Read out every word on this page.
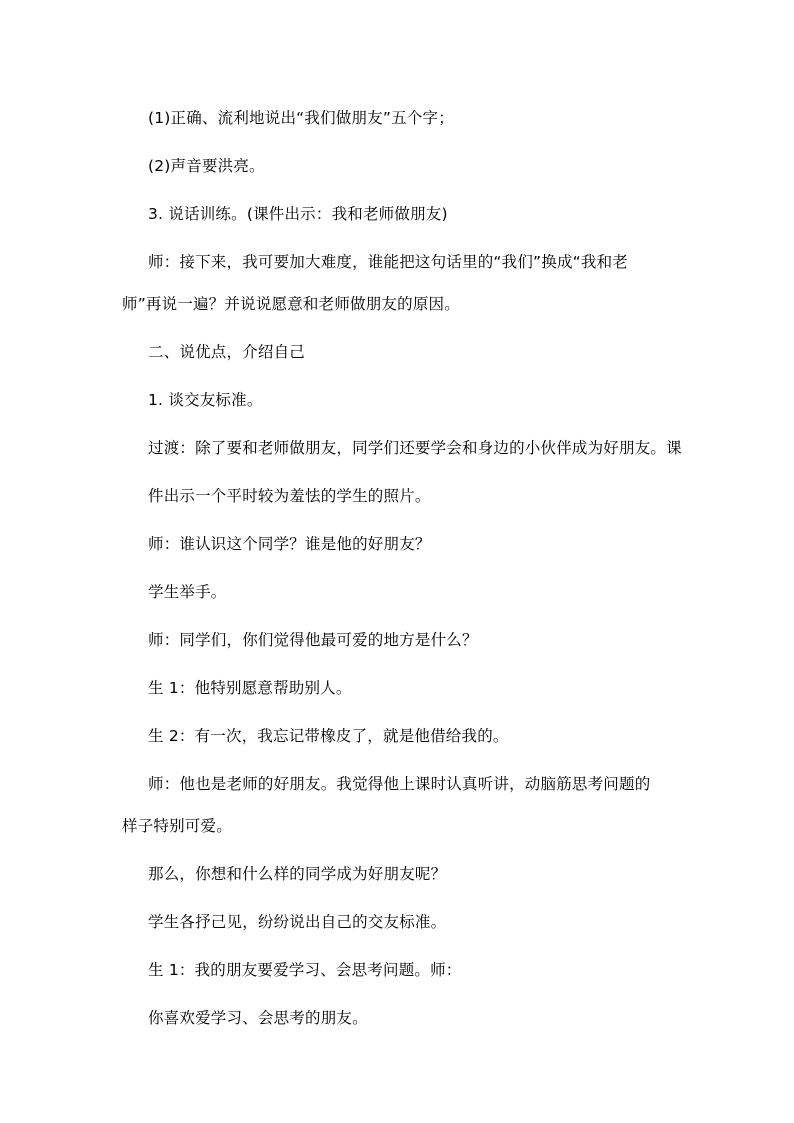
(1)正确、流利地说出“我们做朋友”五个字；
(2)声音要洪亮。
3. 说话训练。(课件出示：我和老师做朋友)
师：接下来，我可要加大难度，谁能把这句话里的“我们”换成“我和老
师”再说一遍？并说说愿意和老师做朋友的原因。
二、说优点，介绍自己
1. 谈交友标准。
过渡：除了要和老师做朋友，同学们还要学会和身边的小伙伴成为好朋友。课
件出示一个平时较为羞怯的学生的照片。
师：谁认识这个同学？谁是他的好朋友？
学生举手。
师：同学们，你们觉得他最可爱的地方是什么？
生 1：他特别愿意帮助别人。
生 2：有一次，我忘记带橡皮了，就是他借给我的。
师：他也是老师的好朋友。我觉得他上课时认真听讲，动脑筋思考问题的
样子特别可爱。
那么，你想和什么样的同学成为好朋友呢？
学生各抒己见，纷纷说出自己的交友标准。
生 1：我的朋友要爱学习、会思考问题。师：
你喜欢爱学习、会思考的朋友。
